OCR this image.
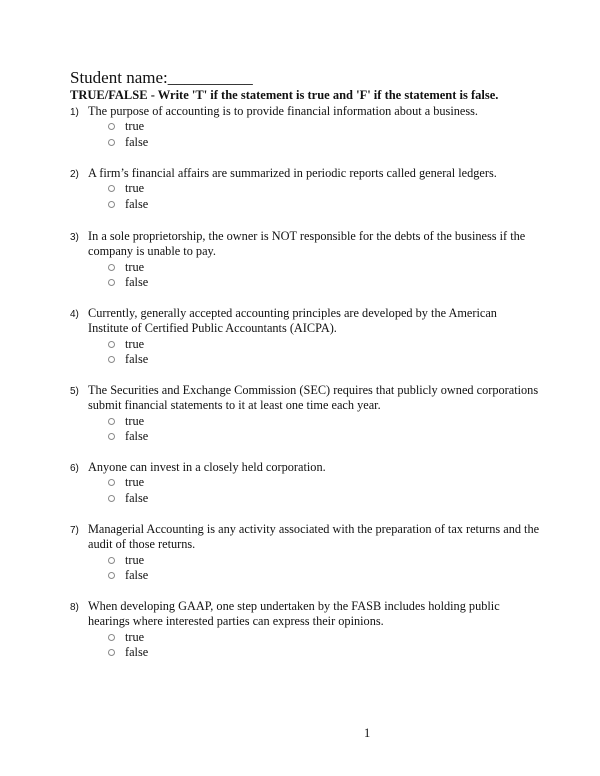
Student name:__________
TRUE/FALSE - Write 'T' if the statement is true and 'F' if the statement is false.
1) The purpose of accounting is to provide financial information about a business.
true
false
2) A firm’s financial affairs are summarized in periodic reports called general ledgers.
true
false
3) In a sole proprietorship, the owner is NOT responsible for the debts of the business if the company is unable to pay.
true
false
4) Currently, generally accepted accounting principles are developed by the American Institute of Certified Public Accountants (AICPA).
true
false
5) The Securities and Exchange Commission (SEC) requires that publicly owned corporations submit financial statements to it at least one time each year.
true
false
6) Anyone can invest in a closely held corporation.
true
false
7) Managerial Accounting is any activity associated with the preparation of tax returns and the audit of those returns.
true
false
8) When developing GAAP, one step undertaken by the FASB includes holding public hearings where interested parties can express their opinions.
true
false
1
